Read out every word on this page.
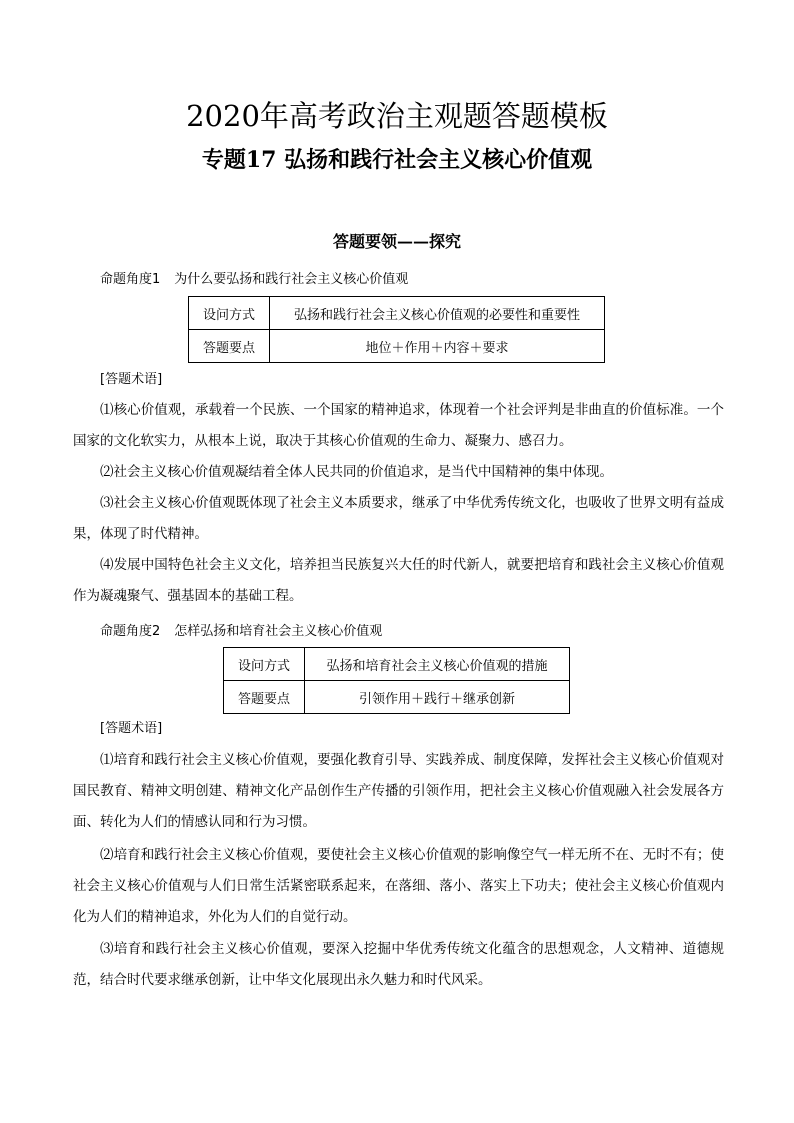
2020年高考政治主观题答题模板
专题17 弘扬和践行社会主义核心价值观
答题要领——探究
命题角度1 为什么要弘扬和践行社会主义核心价值观
设问方式	弘扬和践行社会主义核心价值观的必要性和重要性
答题要点	地位＋作用＋内容＋要求
[答题术语]
⑴核心价值观，承载着一个民族、一个国家的精神追求，体现着一个社会评判是非曲直的价值标准。一个国家的文化软实力，从根本上说，取决于其核心价值观的生命力、凝聚力、感召力。
⑵社会主义核心价值观凝结着全体人民共同的价值追求，是当代中国精神的集中体现。
⑶社会主义核心价值观既体现了社会主义本质要求，继承了中华优秀传统文化，也吸收了世界文明有益成果，体现了时代精神。
⑷发展中国特色社会主义文化，培养担当民族复兴大任的时代新人，就要把培育和践社会主义核心价值观作为凝魂聚气、强基固本的基础工程。
命题角度2 怎样弘扬和培育社会主义核心价值观
设问方式	弘扬和培育社会主义核心价值观的措施
答题要点	引领作用＋践行＋继承创新
[答题术语]
⑴培育和践行社会主义核心价值观，要强化教育引导、实践养成、制度保障，发挥社会主义核心价值观对国民教育、精神文明创建、精神文化产品创作生产传播的引领作用，把社会主义核心价值观融入社会发展各方面、转化为人们的情感认同和行为习惯。
⑵培育和践行社会主义核心价值观，要使社会主义核心价值观的影响像空气一样无所不在、无时不有；使社会主义核心价值观与人们日常生活紧密联系起来，在落细、落小、落实上下功夫；使社会主义核心价值观内化为人们的精神追求，外化为人们的自觉行动。
⑶培育和践行社会主义核心价值观，要深入挖掘中华优秀传统文化蕴含的思想观念，人文精神、道德规范，结合时代要求继承创新，让中华文化展现出永久魅力和时代风采。
